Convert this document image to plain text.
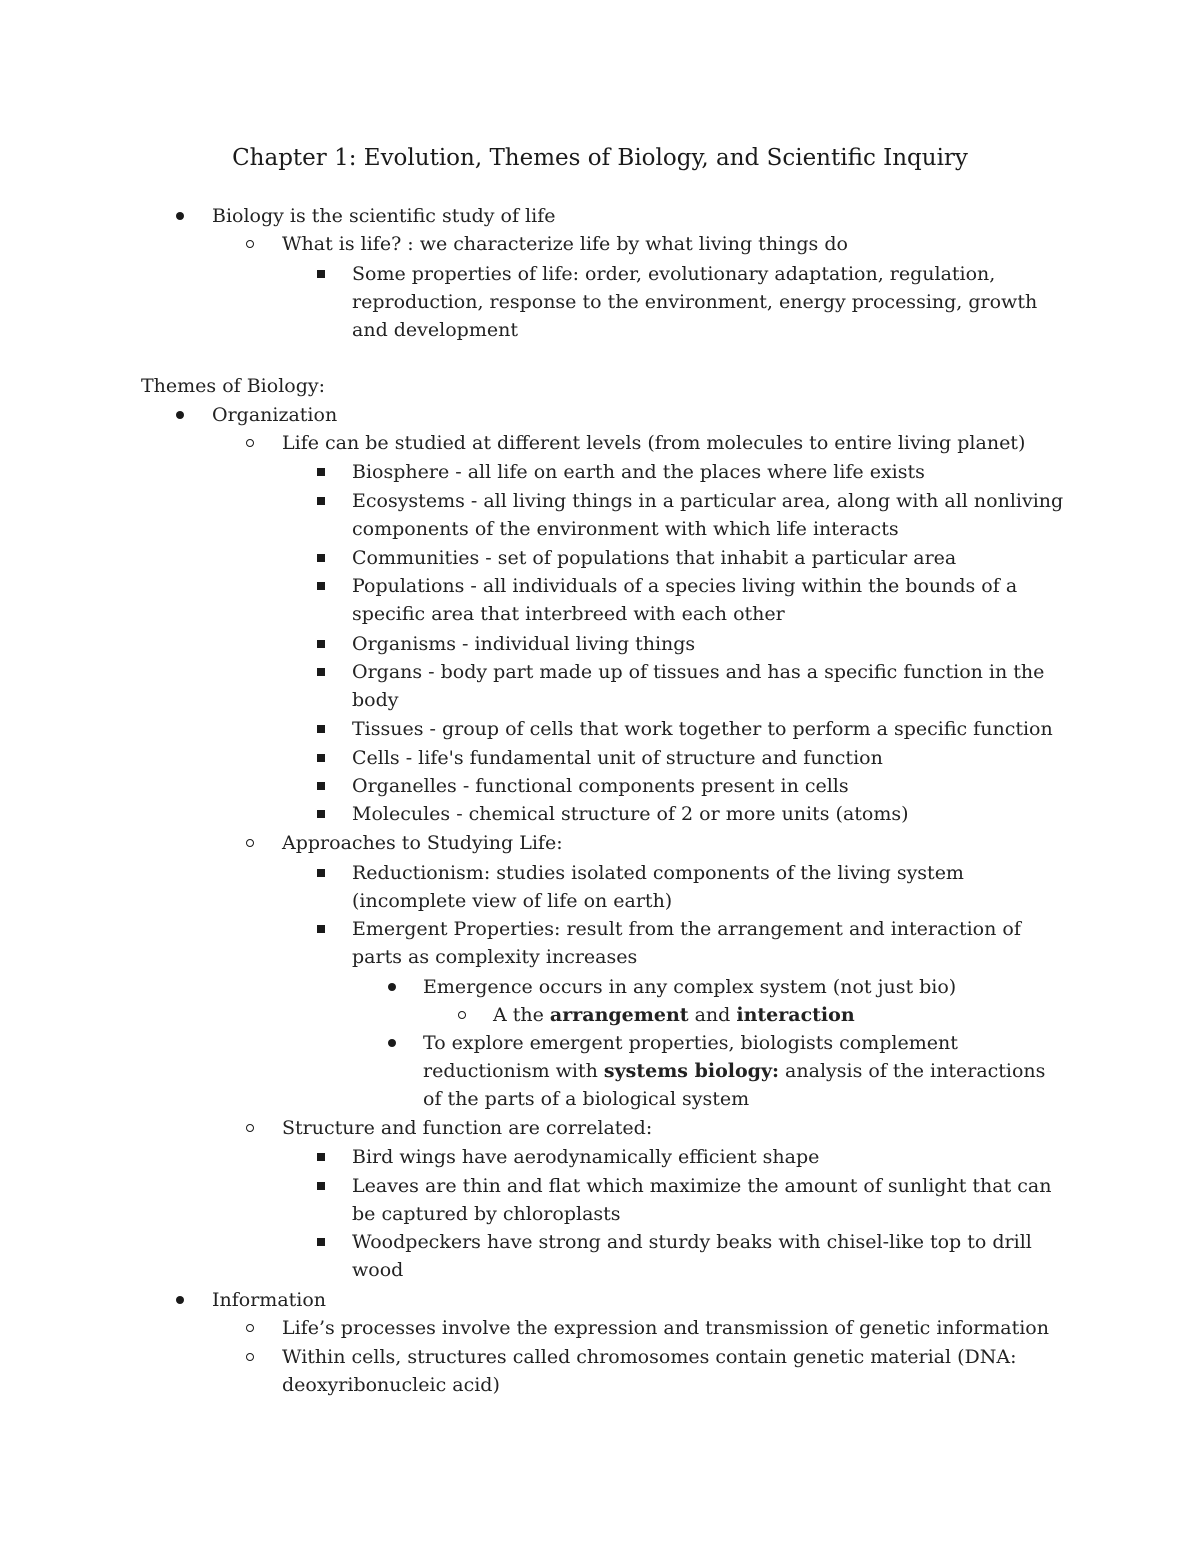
Chapter 1: Evolution, Themes of Biology, and Scientific Inquiry
Biology is the scientific study of life
What is life? : we characterize life by what living things do
Some properties of life: order, evolutionary adaptation, regulation,
reproduction, response to the environment, energy processing, growth
and development
Themes of Biology:
Organization
Life can be studied at different levels (from molecules to entire living planet)
Biosphere - all life on earth and the places where life exists
Ecosystems - all living things in a particular area, along with all nonliving
components of the environment with which life interacts
Communities - set of populations that inhabit a particular area
Populations - all individuals of a species living within the bounds of a
specific area that interbreed with each other
Organisms - individual living things
Organs - body part made up of tissues and has a specific function in the
body
Tissues - group of cells that work together to perform a specific function
Cells - life's fundamental unit of structure and function
Organelles - functional components present in cells
Molecules - chemical structure of 2 or more units (atoms)
Approaches to Studying Life:
Reductionism: studies isolated components of the living system
(incomplete view of life on earth)
Emergent Properties: result from the arrangement and interaction of
parts as complexity increases
Emergence occurs in any complex system (not just bio)
A the arrangement and interaction
To explore emergent properties, biologists complement
reductionism with systems biology: analysis of the interactions
of the parts of a biological system
Structure and function are correlated:
Bird wings have aerodynamically efficient shape
Leaves are thin and flat which maximize the amount of sunlight that can
be captured by chloroplasts
Woodpeckers have strong and sturdy beaks with chisel-like top to drill
wood
Information
Life’s processes involve the expression and transmission of genetic information
Within cells, structures called chromosomes contain genetic material (DNA:
deoxyribonucleic acid)
